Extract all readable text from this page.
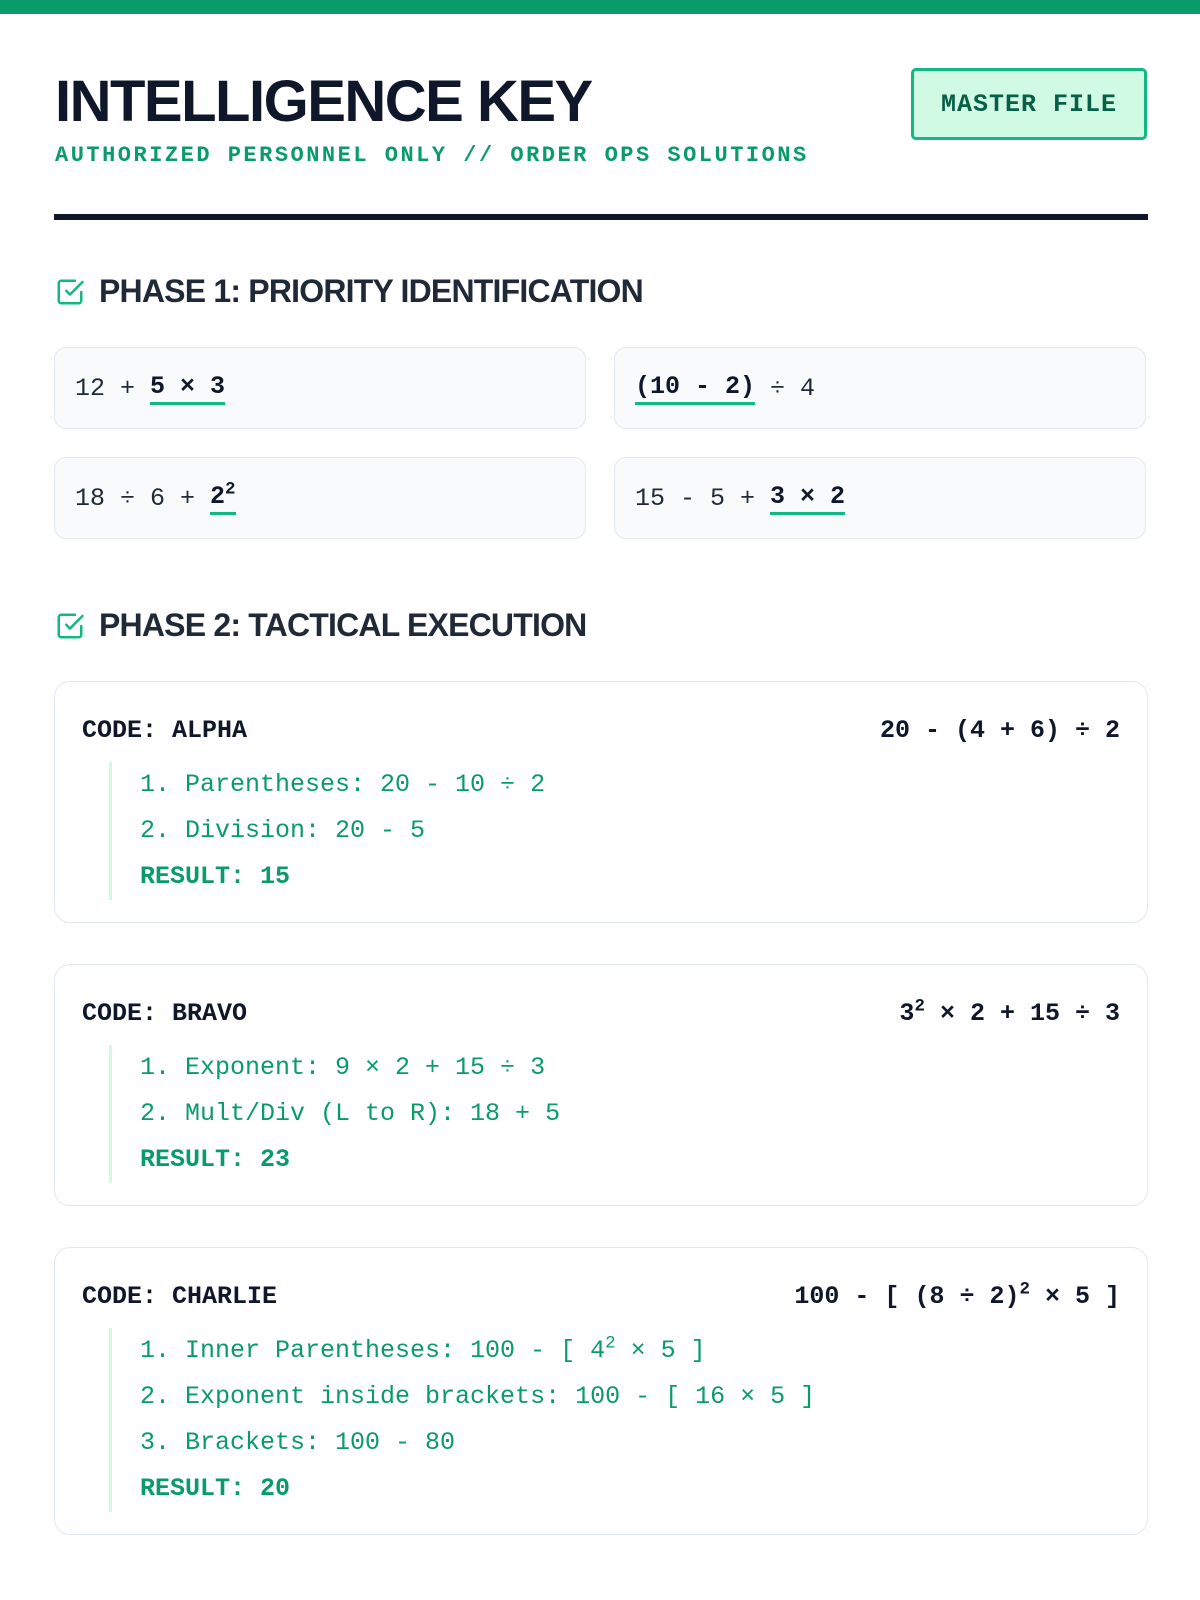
INTELLIGENCE KEY
AUTHORIZED PERSONNEL ONLY // ORDER OPS SOLUTIONS
MASTER FILE
PHASE 1: PRIORITY IDENTIFICATION
12 + 5 × 3	(10 - 2) ÷ 4
$18 \div 6 + 2^2$	15 - 5 + 3 × 2
PHASE 2: TACTICAL EXECUTION
CODE: ALPHA	20 - (4 + 6) ÷ 2
1. Parentheses: 20 - 10 ÷ 2
2. Division: 20 - 5
RESULT: 15
CODE: BRAVO	$3^2 \times 2 + 15 \div 3$
1. Exponent: 9 × 2 + 15 ÷ 3
2. Mult/Div (L to R): 18 + 5
RESULT: 23
CODE: CHARLIE	100 - [ $(8 \div 2)^2 \times 5$ ]
1. Inner Parentheses: 100 - [ $4^2 \times 5$ ]
2. Exponent inside brackets: 100 - [ 16 × 5 ]
3. Brackets: 100 - 80
RESULT: 20
